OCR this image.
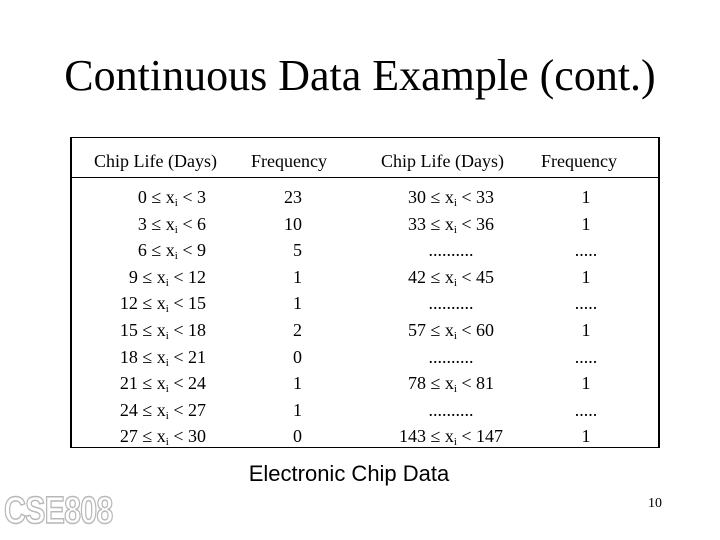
Continuous Data Example (cont.)
Chip Life (Days) Frequency	Chip Life (Days) Frequency
$0 \le x_i < 3$
$3 \le x_i < 6$
$6 \le x_i < 9$
$9 \le x_i < 12$
$12 \le x_i < 15$
$15 \le x_i < 18$
$18 \le x_i < 21$
$21 \le x_i < 24$
$24 \le x_i < 27$
$27 \le x_i < 30$
23
10
5
1
1
2
0
1
1
0
$30 \le x_i < 33$
$33 \le x_i < 36$
..........
$42 \le x_i < 45$
..........
$57 \le x_i < 60$
..........
$78 \le x_i < 81$
..........
$143 \le x_i < 147$
1
1
.....
1
.....
1
.....
1
.....
1
Electronic Chip Data
10
CSE808
